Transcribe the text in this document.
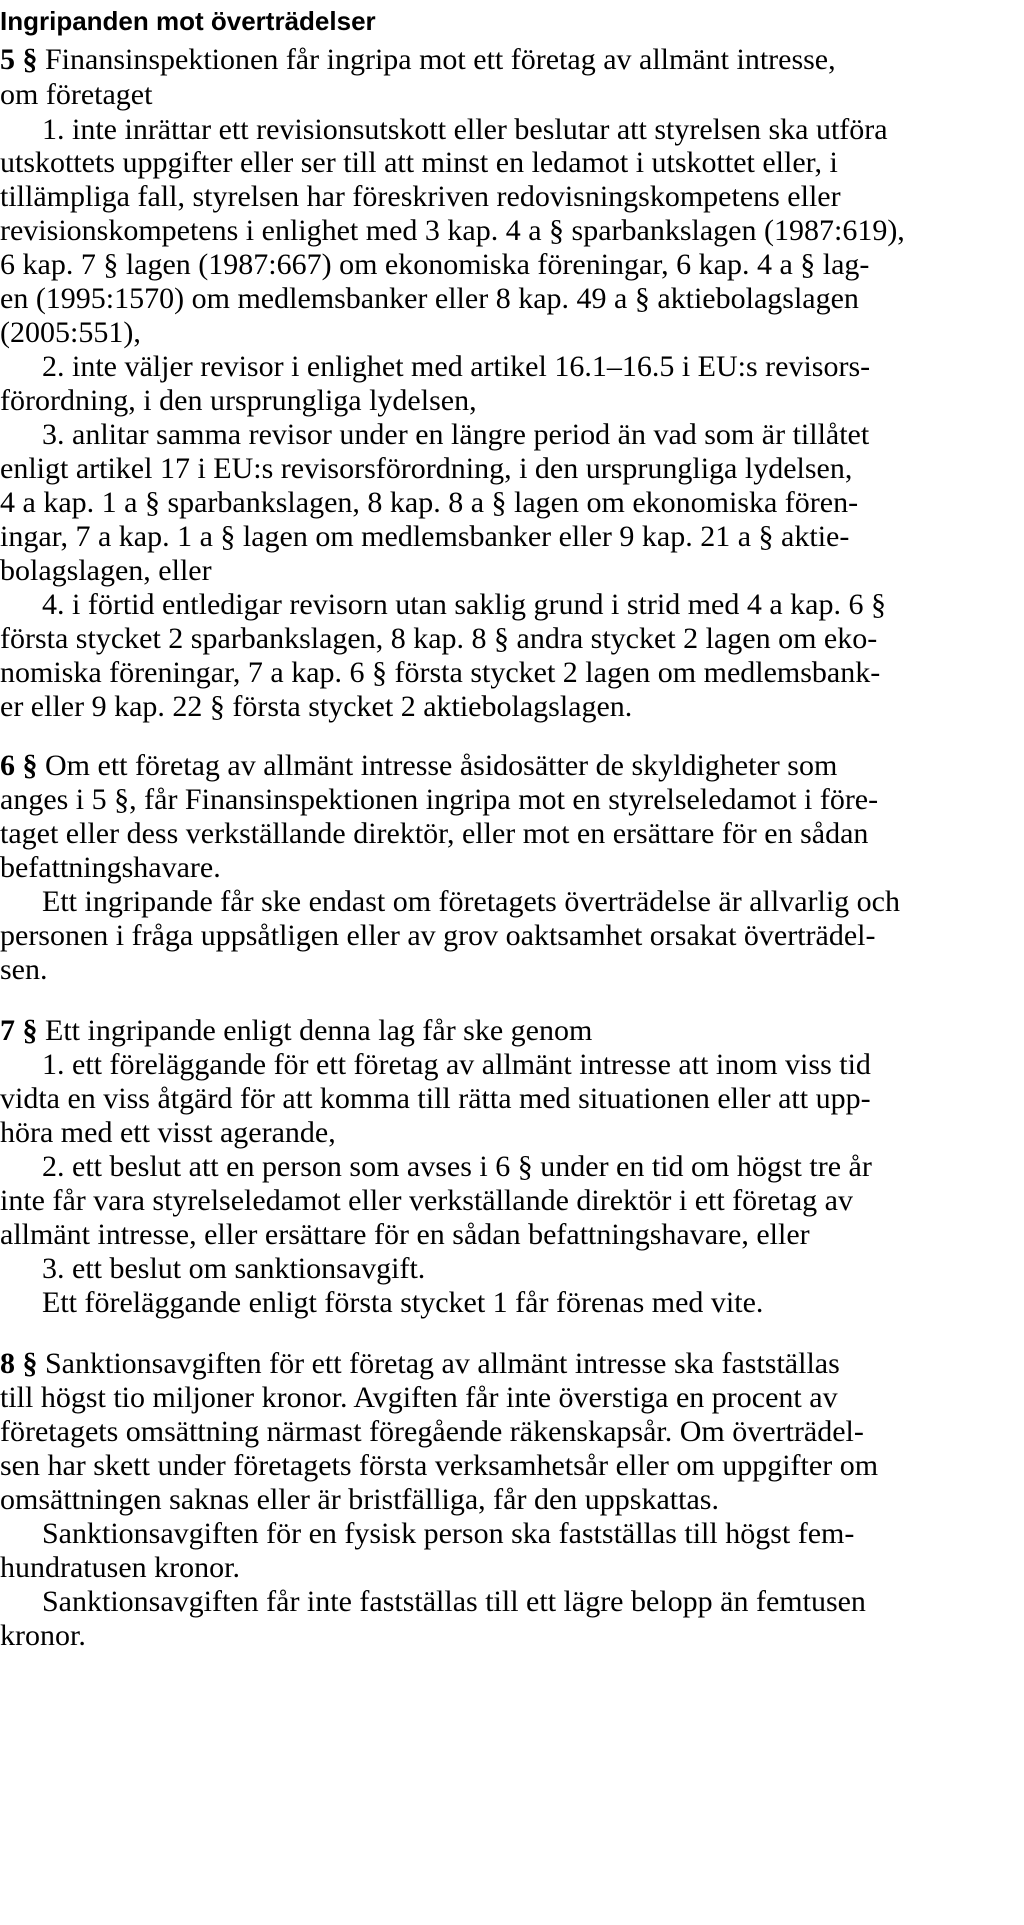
Ingripanden mot överträdelser
5 § Finansinspektionen får ingripa mot ett företag av allmänt intresse,
om företaget
1. inte inrättar ett revisionsutskott eller beslutar att styrelsen ska utföra
utskottets uppgifter eller ser till att minst en ledamot i utskottet eller, i
tillämpliga fall, styrelsen har föreskriven redovisningskompetens eller
revisionskompetens i enlighet med 3 kap. 4 a § sparbankslagen (1987:619),
6 kap. 7 § lagen (1987:667) om ekonomiska föreningar, 6 kap. 4 a § lag-
en (1995:1570) om medlemsbanker eller 8 kap. 49 a § aktiebolagslagen
(2005:551),
2. inte väljer revisor i enlighet med artikel 16.1–16.5 i EU:s revisors-
förordning, i den ursprungliga lydelsen,
3. anlitar samma revisor under en längre period än vad som är tillåtet
enligt artikel 17 i EU:s revisorsförordning, i den ursprungliga lydelsen,
4 a kap. 1 a § sparbankslagen, 8 kap. 8 a § lagen om ekonomiska fören-
ingar, 7 a kap. 1 a § lagen om medlemsbanker eller 9 kap. 21 a § aktie-
bolagslagen, eller
4. i förtid entledigar revisorn utan saklig grund i strid med 4 a kap. 6 §
första stycket 2 sparbankslagen, 8 kap. 8 § andra stycket 2 lagen om eko-
nomiska föreningar, 7 a kap. 6 § första stycket 2 lagen om medlemsbank-
er eller 9 kap. 22 § första stycket 2 aktiebolagslagen.
6 § Om ett företag av allmänt intresse åsidosätter de skyldigheter som
anges i 5 §, får Finansinspektionen ingripa mot en styrelseledamot i före-
taget eller dess verkställande direktör, eller mot en ersättare för en sådan
befattningshavare.
Ett ingripande får ske endast om företagets överträdelse är allvarlig och
personen i fråga uppsåtligen eller av grov oaktsamhet orsakat överträdel-
sen.
7 § Ett ingripande enligt denna lag får ske genom
1. ett föreläggande för ett företag av allmänt intresse att inom viss tid
vidta en viss åtgärd för att komma till rätta med situationen eller att upp-
höra med ett visst agerande,
2. ett beslut att en person som avses i 6 § under en tid om högst tre år
inte får vara styrelseledamot eller verkställande direktör i ett företag av
allmänt intresse, eller ersättare för en sådan befattningshavare, eller
3. ett beslut om sanktionsavgift.
Ett föreläggande enligt första stycket 1 får förenas med vite.
8 § Sanktionsavgiften för ett företag av allmänt intresse ska fastställas
till högst tio miljoner kronor. Avgiften får inte överstiga en procent av
företagets omsättning närmast föregående räkenskapsår. Om överträdel-
sen har skett under företagets första verksamhetsår eller om uppgifter om
omsättningen saknas eller är bristfälliga, får den uppskattas.
Sanktionsavgiften för en fysisk person ska fastställas till högst fem-
hundratusen kronor.
Sanktionsavgiften får inte fastställas till ett lägre belopp än femtusen
kronor.
